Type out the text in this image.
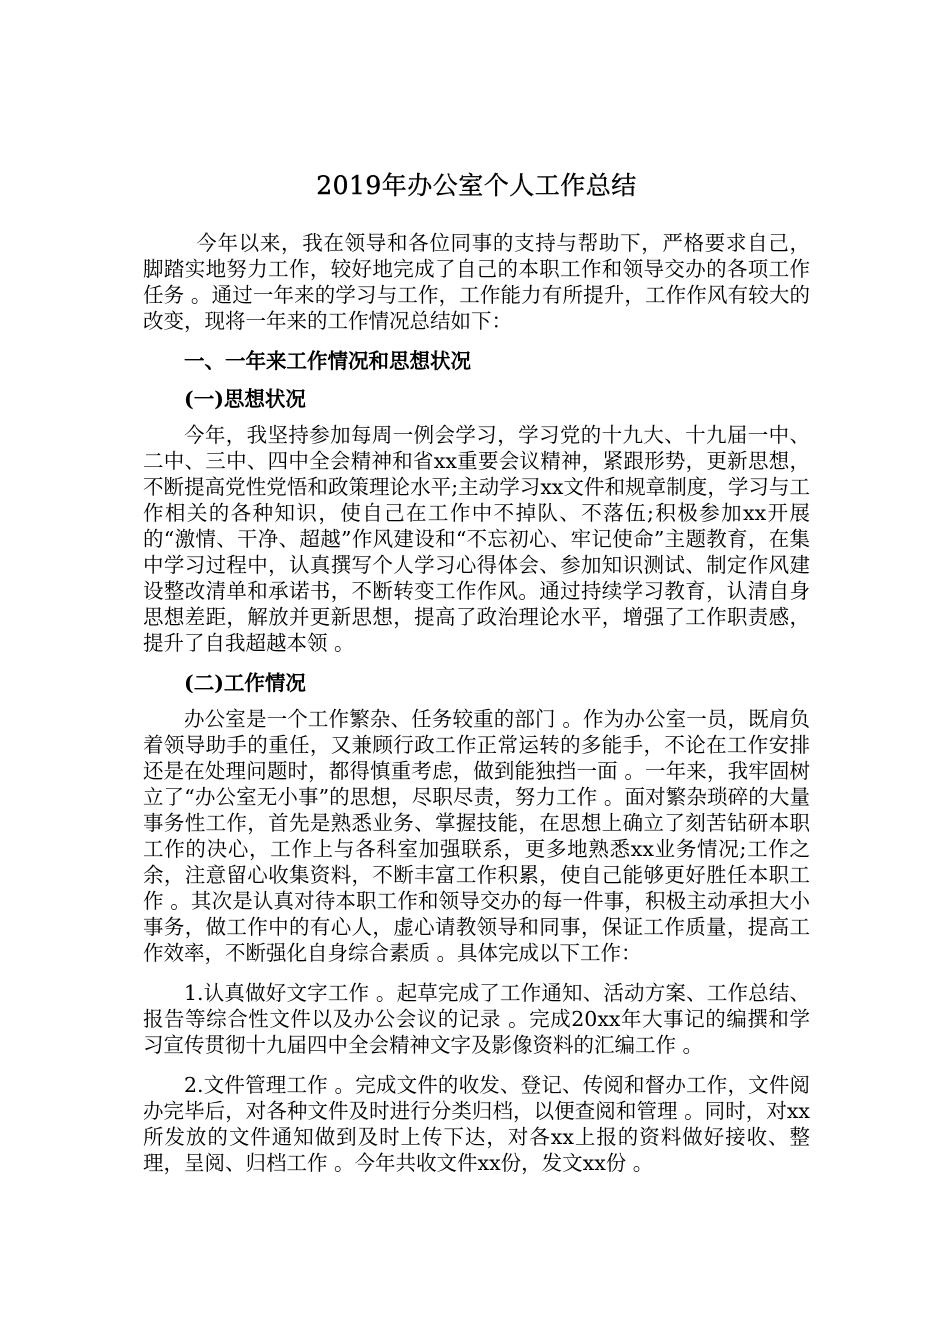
2019年办公室个人工作总结

今年以来，我在领导和各位同事的支持与帮助下，严格要求自己，脚踏实地努力工作，较好地完成了自己的本职工作和领导交办的各项工作任务 。通过一年来的学习与工作，工作能力有所提升，工作作风有较大的改变，现将一年来的工作情况总结如下：

一、一年来工作情况和思想状况

(一)思想状况

今年，我坚持参加每周一例会学习，学习党的十九大、十九届一中、二中、三中、四中全会精神和省xx重要会议精神，紧跟形势，更新思想，不断提高党性党悟和政策理论水平;主动学习xx文件和规章制度，学习与工作相关的各种知识，使自己在工作中不掉队、不落伍;积极参加xx开展的“激情、干净、超越”作风建设和“不忘初心、牢记使命”主题教育，在集中学习过程中，认真撰写个人学习心得体会、参加知识测试、制定作风建设整改清单和承诺书，不断转变工作作风。通过持续学习教育，认清自身思想差距，解放并更新思想，提高了政治理论水平，增强了工作职责感，提升了自我超越本领 。

(二)工作情况

办公室是一个工作繁杂、任务较重的部门 。作为办公室一员，既肩负着领导助手的重任，又兼顾行政工作正常运转的多能手，不论在工作安排还是在处理问题时，都得慎重考虑，做到能独挡一面 。一年来，我牢固树立了“办公室无小事”的思想，尽职尽责，努力工作 。面对繁杂琐碎的大量事务性工作，首先是熟悉业务、掌握技能，在思想上确立了刻苦钻研本职工作的决心，工作上与各科室加强联系，更多地熟悉xx业务情况;工作之余，注意留心收集资料，不断丰富工作积累，使自己能够更好胜任本职工作 。其次是认真对待本职工作和领导交办的每一件事，积极主动承担大小事务，做工作中的有心人，虚心请教领导和同事，保证工作质量，提高工作效率，不断强化自身综合素质 。具体完成以下工作：

1.认真做好文字工作 。起草完成了工作通知、活动方案、工作总结、报告等综合性文件以及办公会议的记录 。完成20xx年大事记的编撰和学习宣传贯彻十九届四中全会精神文字及影像资料的汇编工作 。

2.文件管理工作 。完成文件的收发、登记、传阅和督办工作，文件阅办完毕后，对各种文件及时进行分类归档，以便查阅和管理 。同时，对xx所发放的文件通知做到及时上传下达，对各xx上报的资料做好接收、整理，呈阅、归档工作 。今年共收文件xx份，发文xx份 。
